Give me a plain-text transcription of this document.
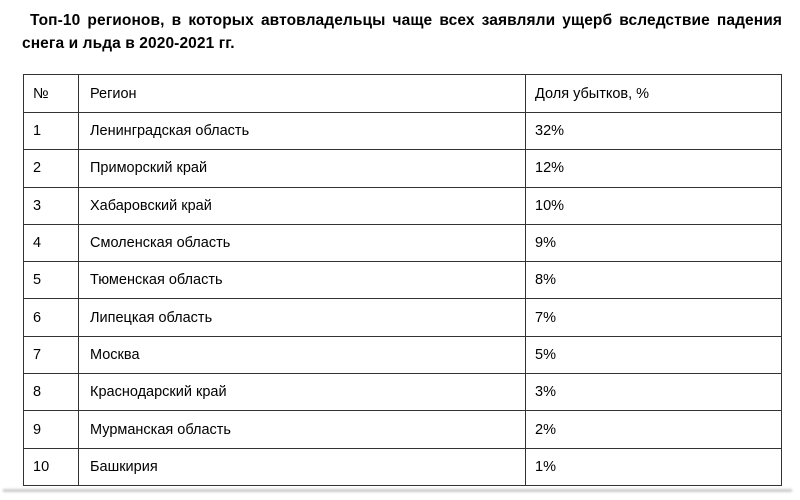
Топ-10 регионов, в которых автовладельцы чаще всех заявляли ущерб вследствие падения снега и льда в 2020-2021 гг.

№	Регион	Доля убытков, %
1	Ленинградская область	32%
2	Приморский край	12%
3	Хабаровский край	10%
4	Смоленская область	9%
5	Тюменская область	8%
6	Липецкая область	7%
7	Москва	5%
8	Краснодарский край	3%
9	Мурманская область	2%
10	Башкирия	1%
